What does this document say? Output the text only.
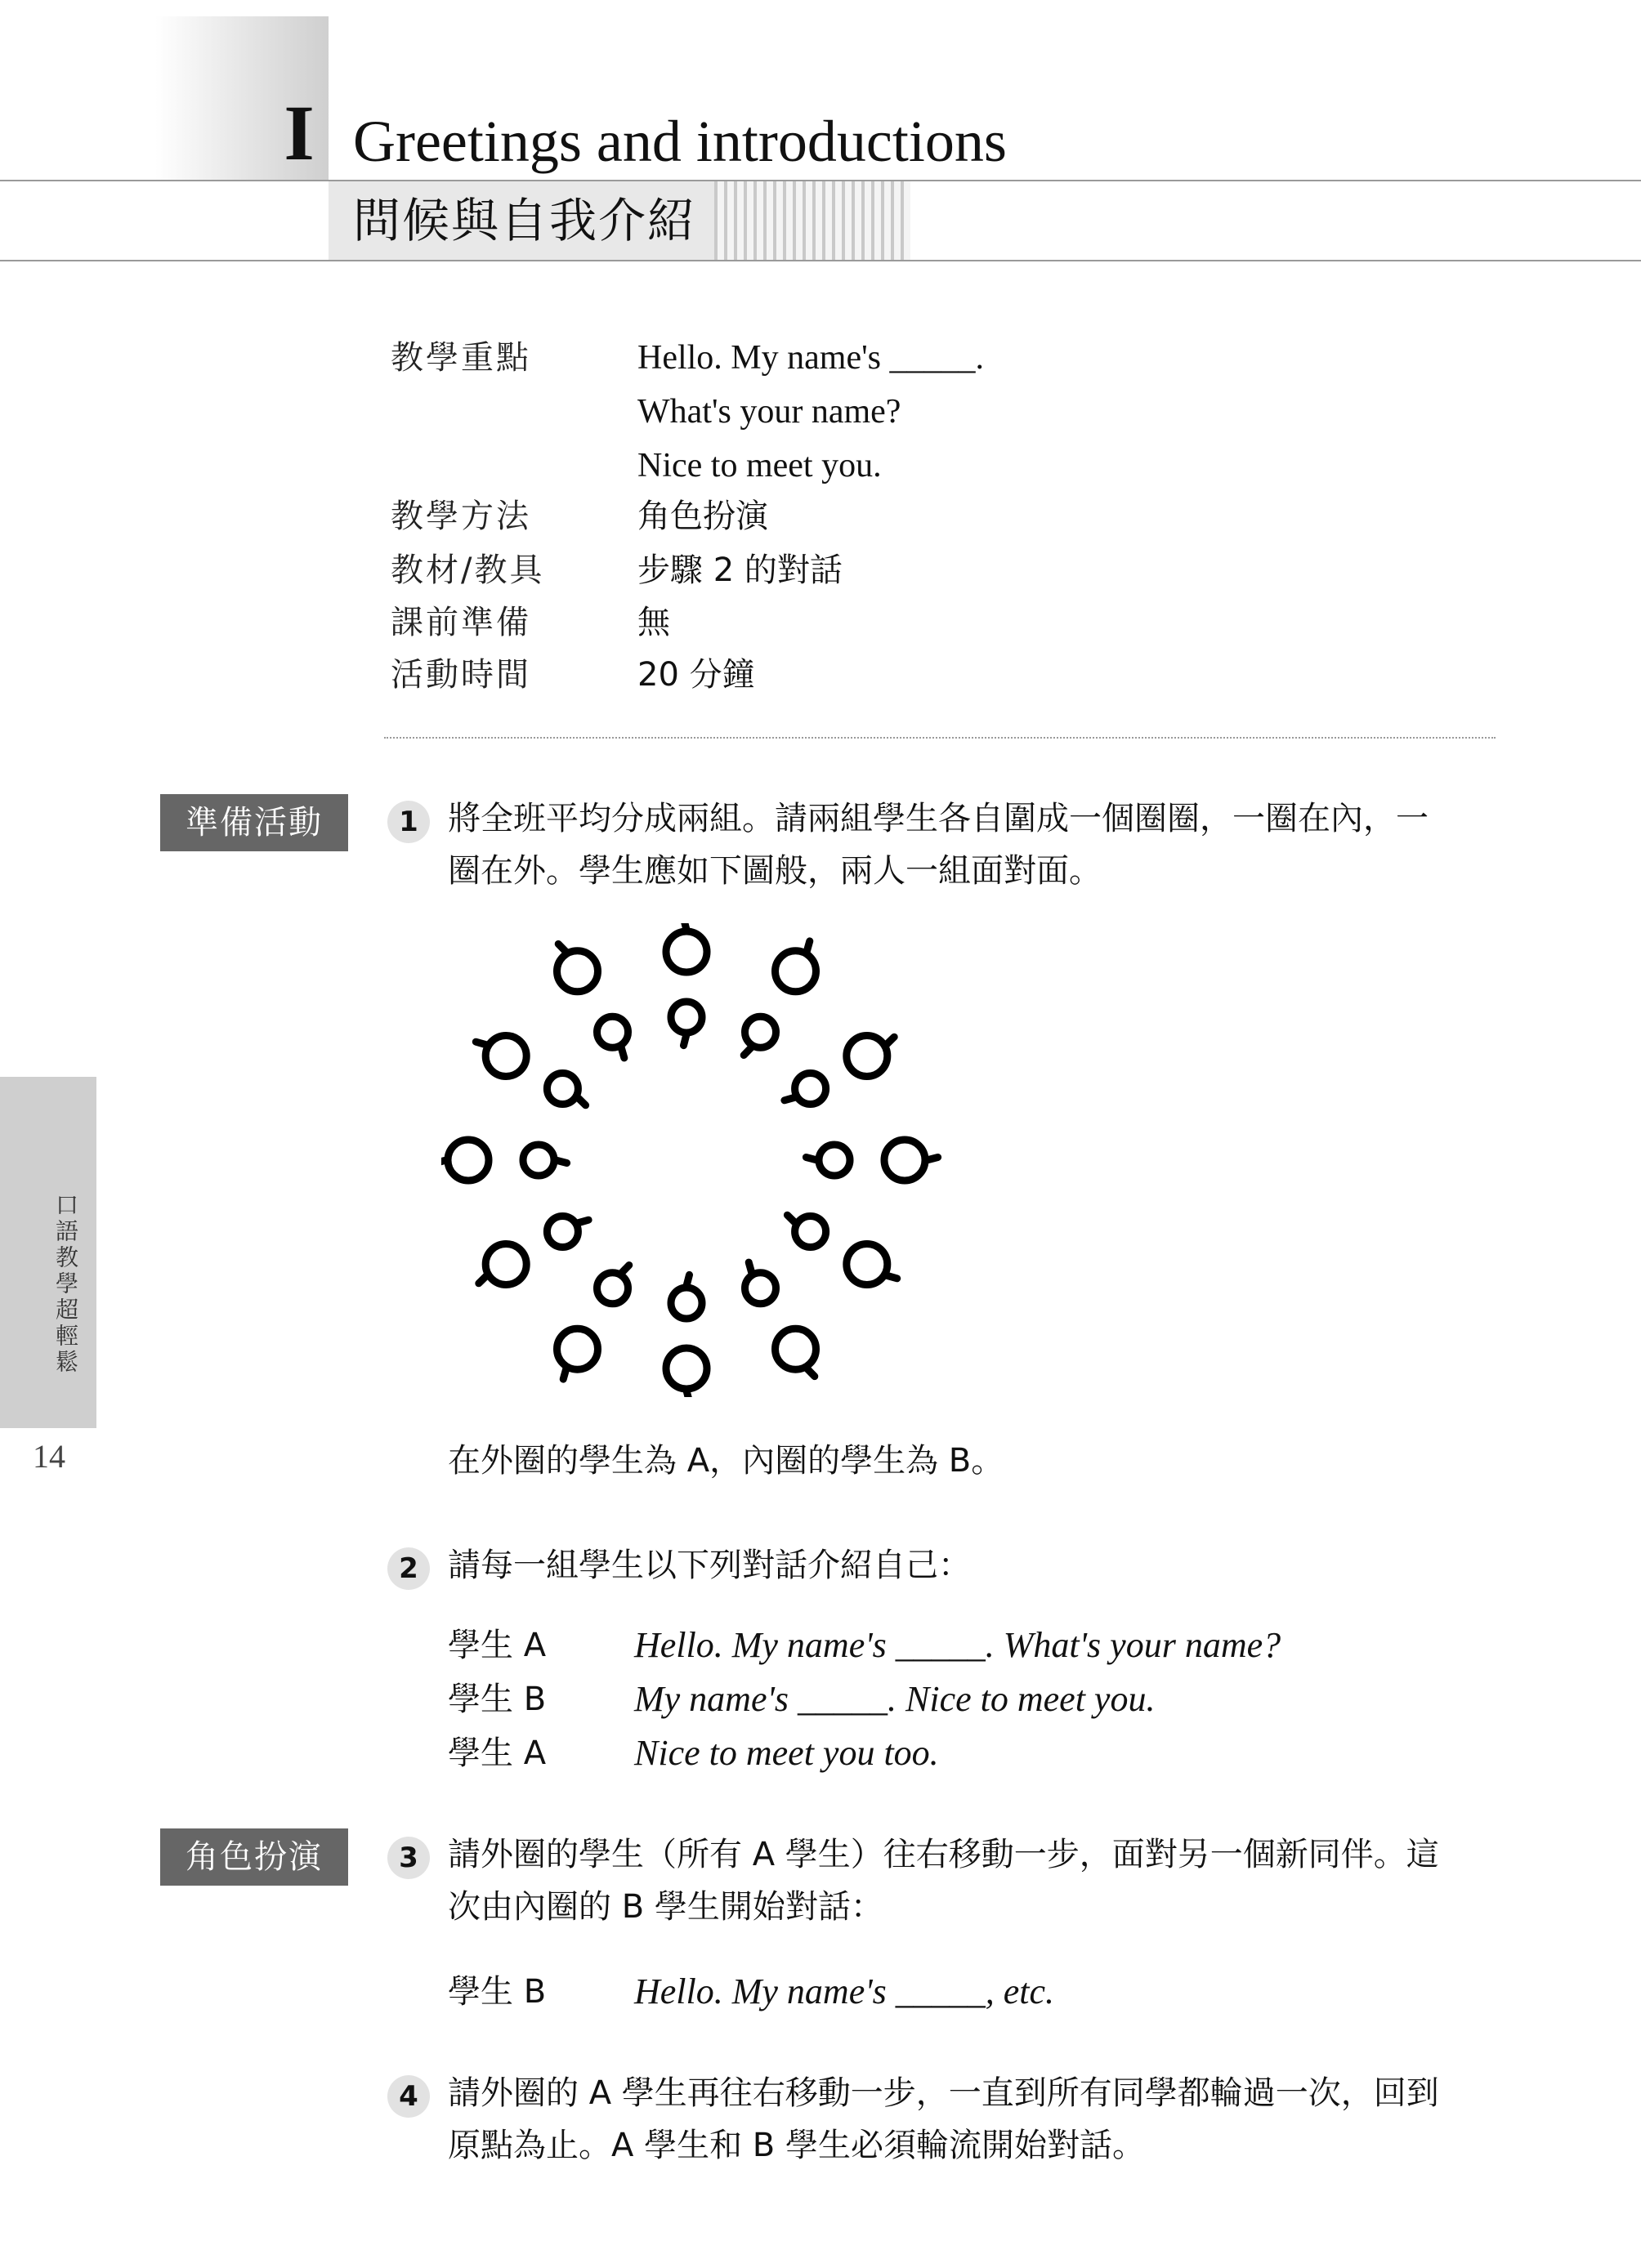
I Greetings and introductions
問候與自我介紹
教學重點	Hello. My name's _____.
What's your name?
Nice to meet you.
教學方法	角色扮演
教材/教具	步驟 2 的對話
課前準備	無
活動時間	20 分鐘
準備活動	1 將全班平均分成兩組。請兩組學生各自圍成一個圈圈，一圈在內，一
圈在外。學生應如下圖般，兩人一組面對面。
在外圈的學生為 A，內圈的學生為 B。
2 請每一組學生以下列對話介紹自己：
學生 A	Hello. My name's _____. What's your name?
學生 B	My name's _____. Nice to meet you.
學生 A	Nice to meet you too.
角色扮演	3 請外圈的學生（所有 A 學生）往右移動一步，面對另一個新同伴。這
次由內圈的 B 學生開始對話：
學生 B	Hello. My name's _____, etc.
4 請外圈的 A 學生再往右移動一步，一直到所有同學都輪過一次，回到
原點為止。A 學生和 B 學生必須輪流開始對話。
口語教學超輕鬆
14
